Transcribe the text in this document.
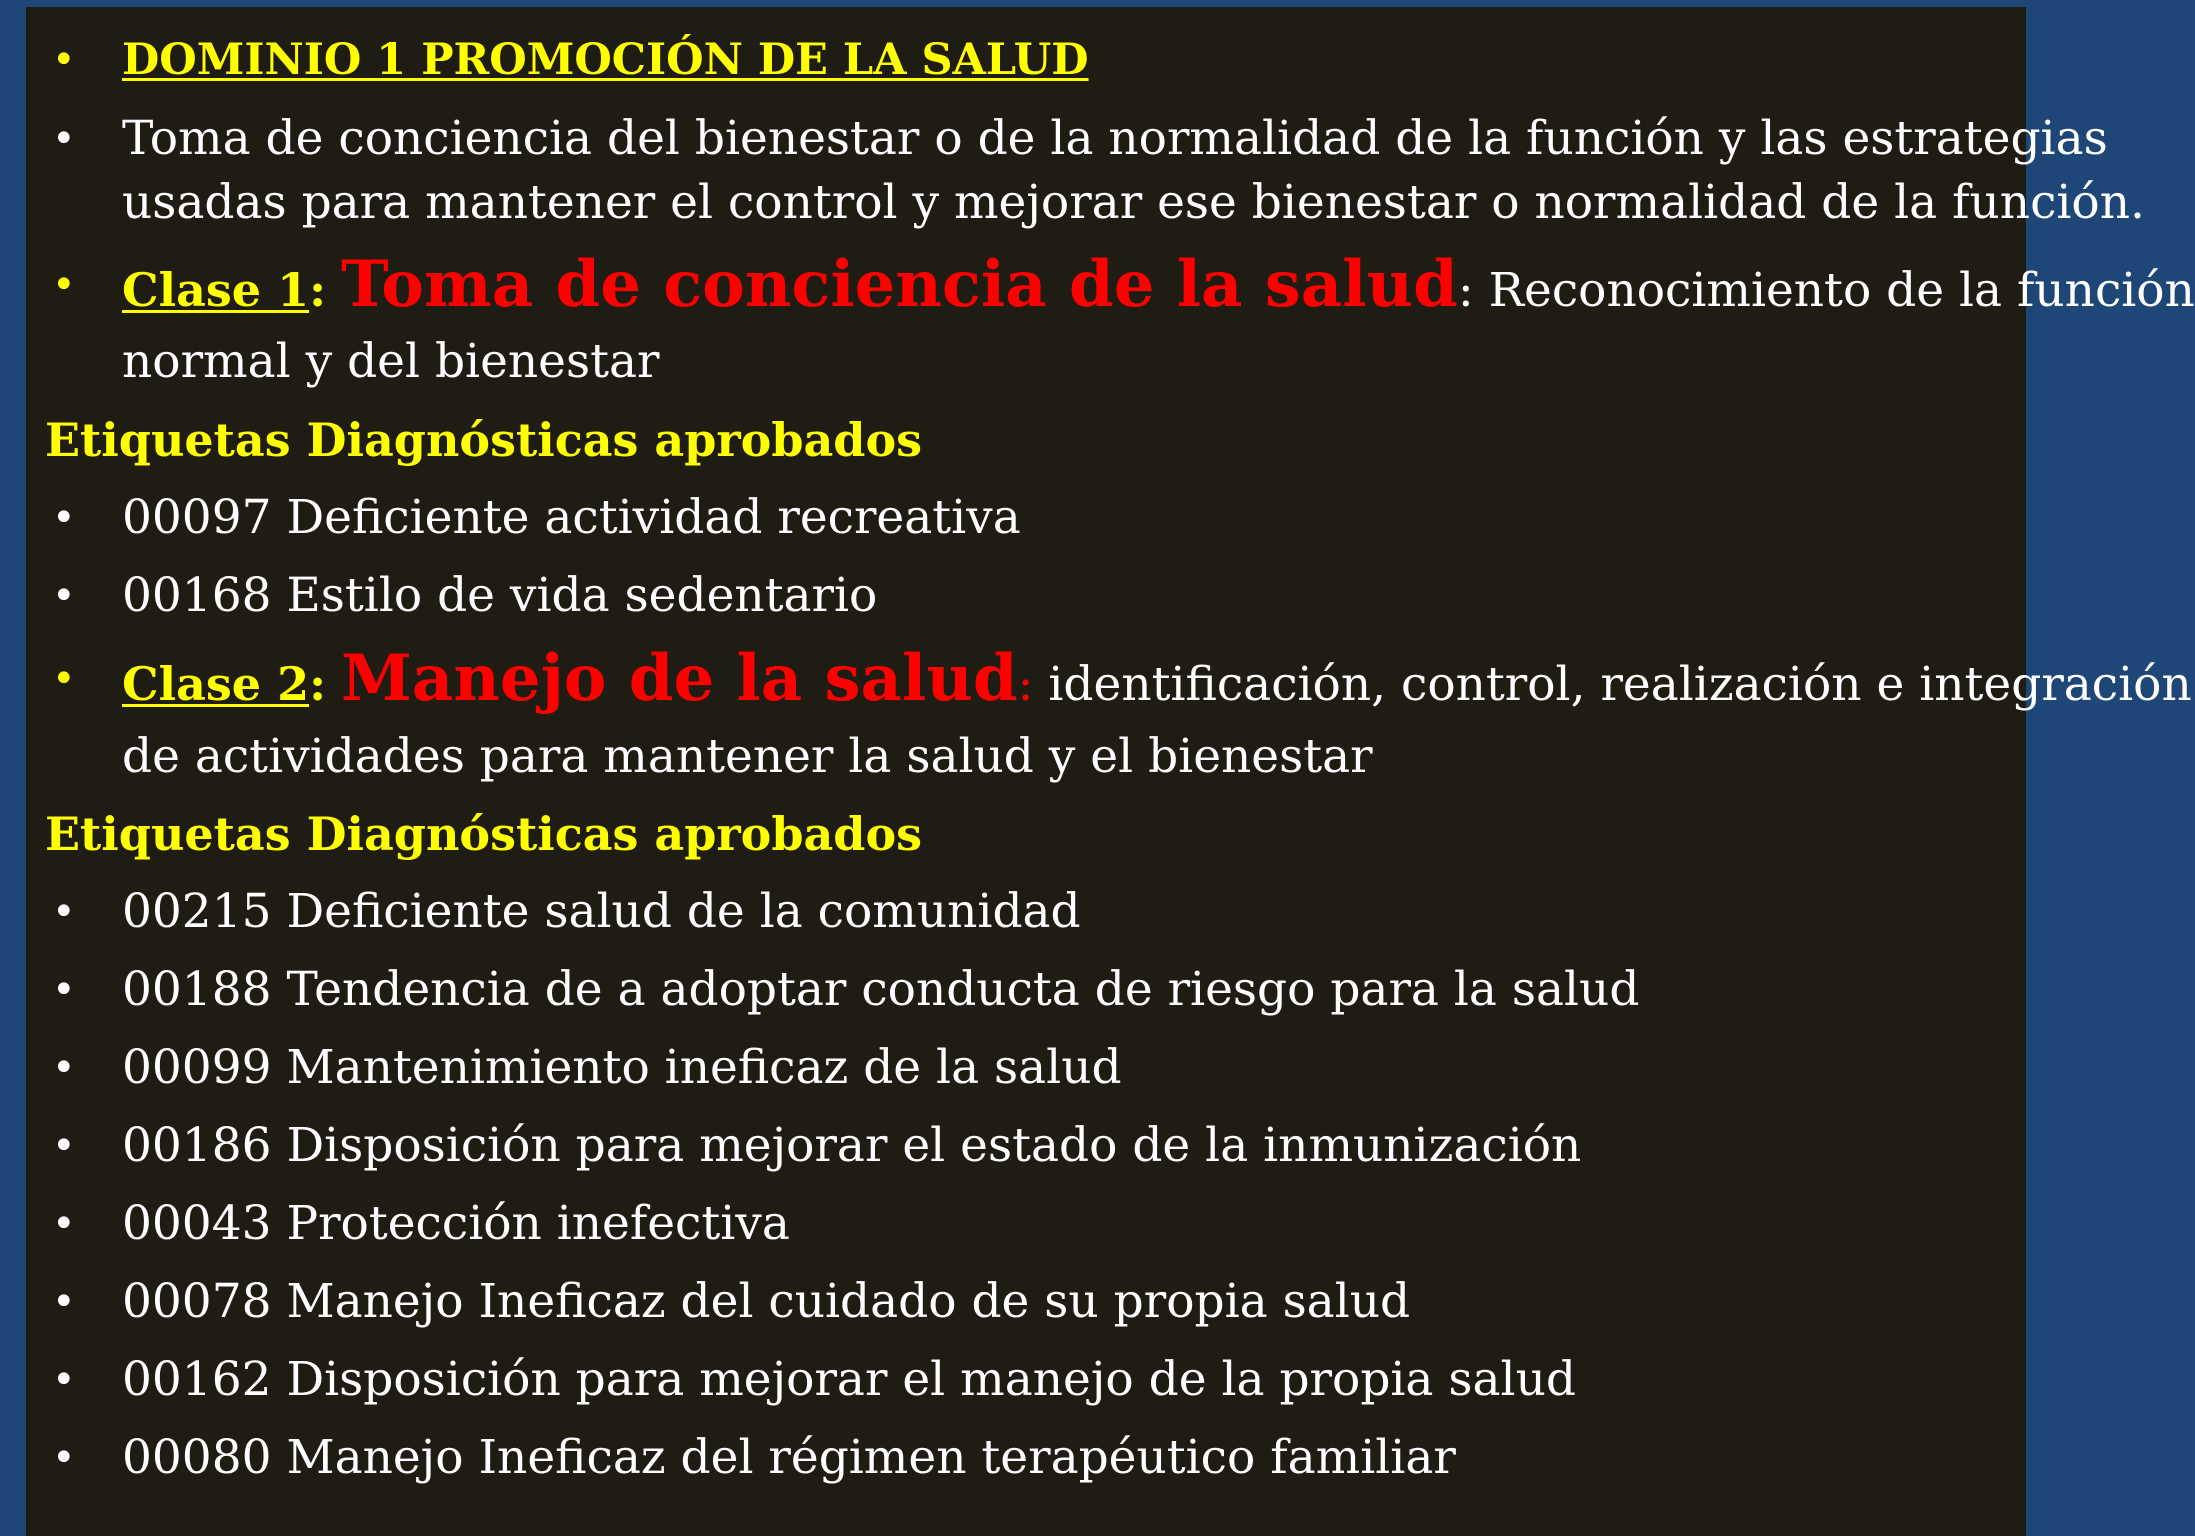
• DOMINIO 1 PROMOCIÓN DE LA SALUD
• Toma de conciencia del bienestar o de la normalidad de la función y las estrategias
usadas para mantener el control y mejorar ese bienestar o normalidad de la función.
• Clase 1: Toma de conciencia de la salud: Reconocimiento de la función
normal y del bienestar
Etiquetas Diagnósticas aprobados
• 00097 Deficiente actividad recreativa
• 00168 Estilo de vida sedentario
• Clase 2: Manejo de la salud: identificación, control, realización e integración
de actividades para mantener la salud y el bienestar
Etiquetas Diagnósticas aprobados
• 00215 Deficiente salud de la comunidad
• 00188 Tendencia de a adoptar conducta de riesgo para la salud
• 00099 Mantenimiento ineficaz de la salud
• 00186 Disposición para mejorar el estado de la inmunización
• 00043 Protección inefectiva
• 00078 Manejo Ineficaz del cuidado de su propia salud
• 00162 Disposición para mejorar el manejo de la propia salud
• 00080 Manejo Ineficaz del régimen terapéutico familiar
